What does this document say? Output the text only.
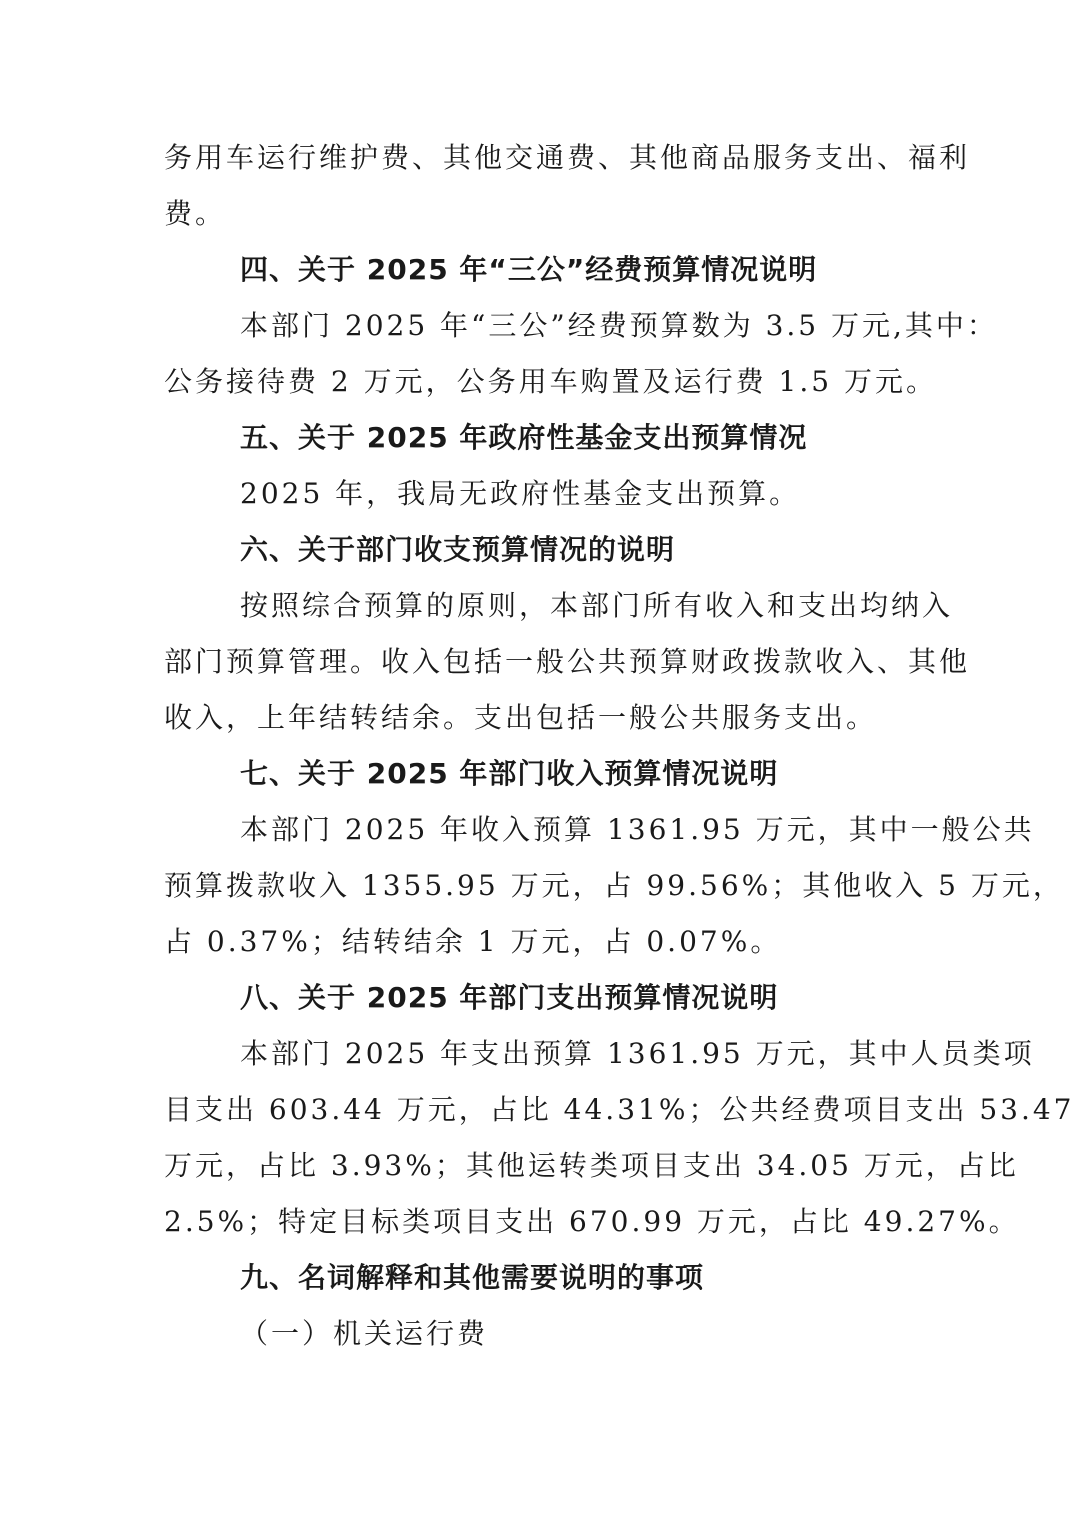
务用车运行维护费、其他交通费、其他商品服务支出、福利
费。
四、关于 2025 年“三公”经费预算情况说明
本部门 2025 年“三公”经费预算数为 3.5 万元,其中：
公务接待费 2 万元，公务用车购置及运行费 1.5 万元。
五、关于 2025 年政府性基金支出预算情况
2025 年，我局无政府性基金支出预算。
六、关于部门收支预算情况的说明
按照综合预算的原则，本部门所有收入和支出均纳入
部门预算管理。收入包括一般公共预算财政拨款收入、其他
收入，上年结转结余。支出包括一般公共服务支出。
七、关于 2025 年部门收入预算情况说明
本部门 2025 年收入预算 1361.95 万元，其中一般公共
预算拨款收入 1355.95 万元，占 99.56%；其他收入 5 万元，
占 0.37%；结转结余 1 万元，占 0.07%。
八、关于 2025 年部门支出预算情况说明
本部门 2025 年支出预算 1361.95 万元，其中人员类项
目支出 603.44 万元，占比 44.31%；公共经费项目支出 53.47
万元，占比 3.93%；其他运转类项目支出 34.05 万元，占比
2.5%；特定目标类项目支出 670.99 万元，占比 49.27%。
九、名词解释和其他需要说明的事项
（一）机关运行费
